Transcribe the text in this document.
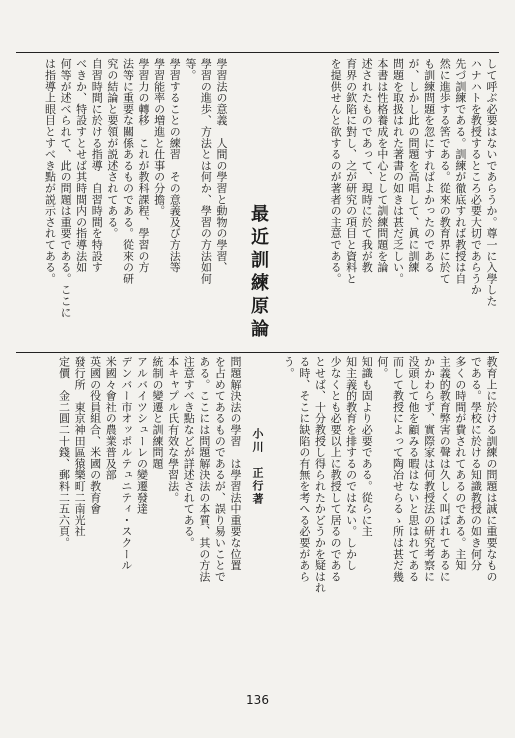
して呼ぶ必要はないであらうか。尊一に入學した
ハナハトを教授するところ必要大切であらうか
先づ訓練である。訓練が徹底すれば教授は自
然に進歩する筈である。從來の教育界に於て
も訓練問題を忽にすればよかったのである
が、しかし此の問題を高唱して、眞に訓練
問題を取扱はれた著書の如きは甚だ乏しい。
本書は性格養成を中心として訓練問題を論
述されたものであって、現時に於て我が教
育界の欽陷に對し、之が研究の項目と資料と
を提供せんと欲するのが著者の主意である。
學習法の意義　人間の學習と動物の學習、
學習の進歩、方法とは何か、學習の方法如何
等。
學習することの練習　その意義及び方法等
學習能率の増進と仕事の分擔。
學習力の轉移　これが教科課程、學習の方
法等に重要な關係あるものである。從來の研
究の結論と要領が説述されてある。
自習時間に於ける指導　自習時間を特設す
べきか、特設すとせば其時間内の指導法如
何等が述べられて、此の問題は重要である。ここに
は指導上眼目とすべき點が説示されてある。	最近訓練原論
小川　正行著	教育上に於ける訓練の問題は誠に重要なもの
である。學校に於ける知識教授の如き何分
多くの時間が費されてあるのである。主知
主義的教育弊害の聲は久しく叫ばれてあるに
かかわらず、實際家は何教授法の研究考察に
没頭して他を顧みる暇はないと思はれてある
而して教授によって陶冶せらるゝ所は甚だ幾
何。
知識も固より必要である。從らに主
知主義的教育を排するのではない。しかし
少なくとも必要以上に教授して居るのである
とせば、十分教授し得られたかどうかを疑はれ
る時、そこに缺陷の有無を考へる必要があら
う。
問題解決法の學習　は學習法中重要な位置
を占めてあるものであるが、誤り易いことで
ある。ここには問題解決法の本質、其の方法
注意すべき點などが詳述されてある。
本キャプル氏有效な學習法。
統制の變遷と訓練問題
アルバイツシューレの變遷發達
デンバー市オッポルテュニティ・スクール
米國々會社の農業普及部
英國の役員組合、米國の教育會
發行所　東京神田區猿樂町二南光社
定價　金二圓二十錢、郵料二五六頁。
136
